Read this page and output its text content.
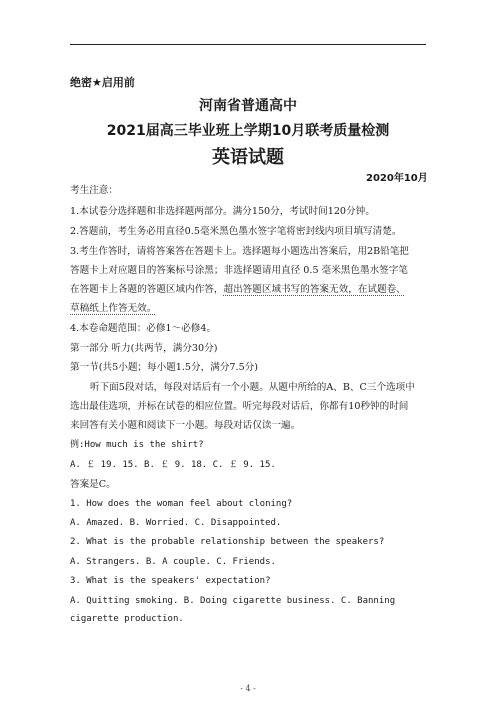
绝密★启用前
河南省普通高中
2021届高三毕业班上学期10月联考质量检测
英语试题
2020年10月
考生注意：
1.本试卷分选择题和非选择题两部分。满分150分，考试时间120分钟。
2.答题前，考生务必用直径0.5毫米黑色墨水签字笔将密封线内项目填写清楚。
3.考生作答时，请将答案答在答题卡上。选择题每小题选出答案后，用2B铅笔把
答题卡上对应题目的答案标号涂黑；非选择题请用直径 0.5 毫米黑色墨水签字笔
在答题卡上各题的答题区域内作答，超出答题区域书写的答案无效，在试题卷、
草稿纸上作答无效。
4.本卷命题范围：必修1～必修4。
第一部分 听力(共两节，满分30分)
第一节(共5小题；每小题1.5分，满分7.5分)
听下面5段对话，每段对话后有一个小题。从题中所给的A、B、C三个选项中
选出最佳选项，并标在试卷的相应位置。听完每段对话后，你都有10秒钟的时间
来回答有关小题和阅读下一小题。每段对话仅读一遍。
例:How much is the shirt?
A. ￡ 19. 15. B. ￡ 9. 18. C. ￡ 9. 15.
答案是C。
1. How does the woman feel about cloning?
A. Amazed. B. Worried. C. Disappointed.
2. What is the probable relationship between the speakers?
A. Strangers. B. A couple. C. Friends.
3. What is the speakers' expectation?
A. Quitting smoking. B. Doing cigarette business. C. Banning
cigarette production.
- 4 -
